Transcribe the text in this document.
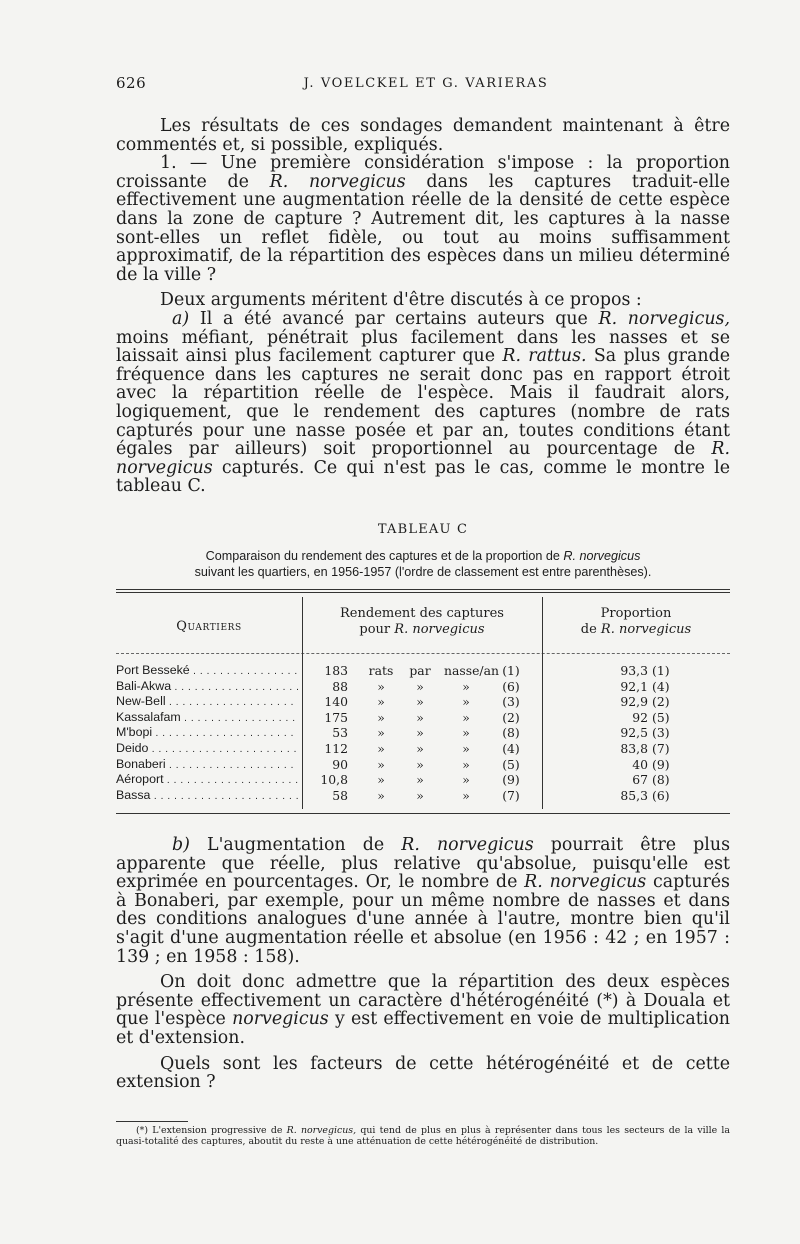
626	J. VOELCKEL ET G. VARIERAS

Les résultats de ces sondages demandent maintenant à être commentés et, si possible, expliqués.

1. — Une première considération s'impose : la proportion croissante de R. norvegicus dans les captures traduit-elle effectivement une augmentation réelle de la densité de cette espèce dans la zone de capture ? Autrement dit, les captures à la nasse sont-elles un reflet fidèle, ou tout au moins suffisamment approximatif, de la répartition des espèces dans un milieu déterminé de la ville ?

Deux arguments méritent d'être discutés à ce propos :

a) Il a été avancé par certains auteurs que R. norvegicus, moins méfiant, pénétrait plus facilement dans les nasses et se laissait ainsi plus facilement capturer que R. rattus. Sa plus grande fréquence dans les captures ne serait donc pas en rapport étroit avec la répartition réelle de l'espèce. Mais il faudrait alors, logiquement, que le rendement des captures (nombre de rats capturés pour une nasse posée et par an, toutes conditions étant égales par ailleurs) soit proportionnel au pourcentage de R. norvegicus capturés. Ce qui n'est pas le cas, comme le montre le tableau C.

TABLEAU C
Comparaison du rendement des captures et de la proportion de R. norvegicus
suivant les quartiers, en 1956-1957 (l'ordre de classement est entre parenthèses).
Quartiers
Rendement des captures
pour R. norvegicus
Proportion
de R. norvegicus
Port Besseké . . .	183 rats	par	nasse/an (1)	93,3 (1)
Bali-Akwa . . .	88	»	»	»	(6)	92,1 (4)
New-Bell . . .	140	»	»	»	(3)	92,9 (2)
Kassalafam . . .	175	»	»	»	(2)	92 (5)
M'bopi . . .	53	»	»	»	(8)	92,5 (3)
Deido . . .	112	»	»	»	(4)	83,8 (7)
Bonaberi . . .	90	»	»	»	(5)	40 (9)
Aéroport . . .	10,8	»	»	»	(9)	67 (8)
Bassa . . .	58	»	»	»	(7)	85,3 (6)

b) L'augmentation de R. norvegicus pourrait être plus apparente que réelle, plus relative qu'absolue, puisqu'elle est exprimée en pourcentages. Or, le nombre de R. norvegicus capturés à Bonaberi, par exemple, pour un même nombre de nasses et dans des conditions analogues d'une année à l'autre, montre bien qu'il s'agit d'une augmentation réelle et absolue (en 1956 : 42 ; en 1957 : 139 ; en 1958 : 158).

On doit donc admettre que la répartition des deux espèces présente effectivement un caractère d'hétérogénéité (*) à Douala et que l'espèce norvegicus y est effectivement en voie de multiplication et d'extension.

Quels sont les facteurs de cette hétérogénéité et de cette extension ?

(*) L'extension progressive de R. norvegicus, qui tend de plus en plus à représenter dans tous les secteurs de la ville la quasi-totalité des captures, aboutit du reste à une atténuation de cette hétérogénéité de distribution.
